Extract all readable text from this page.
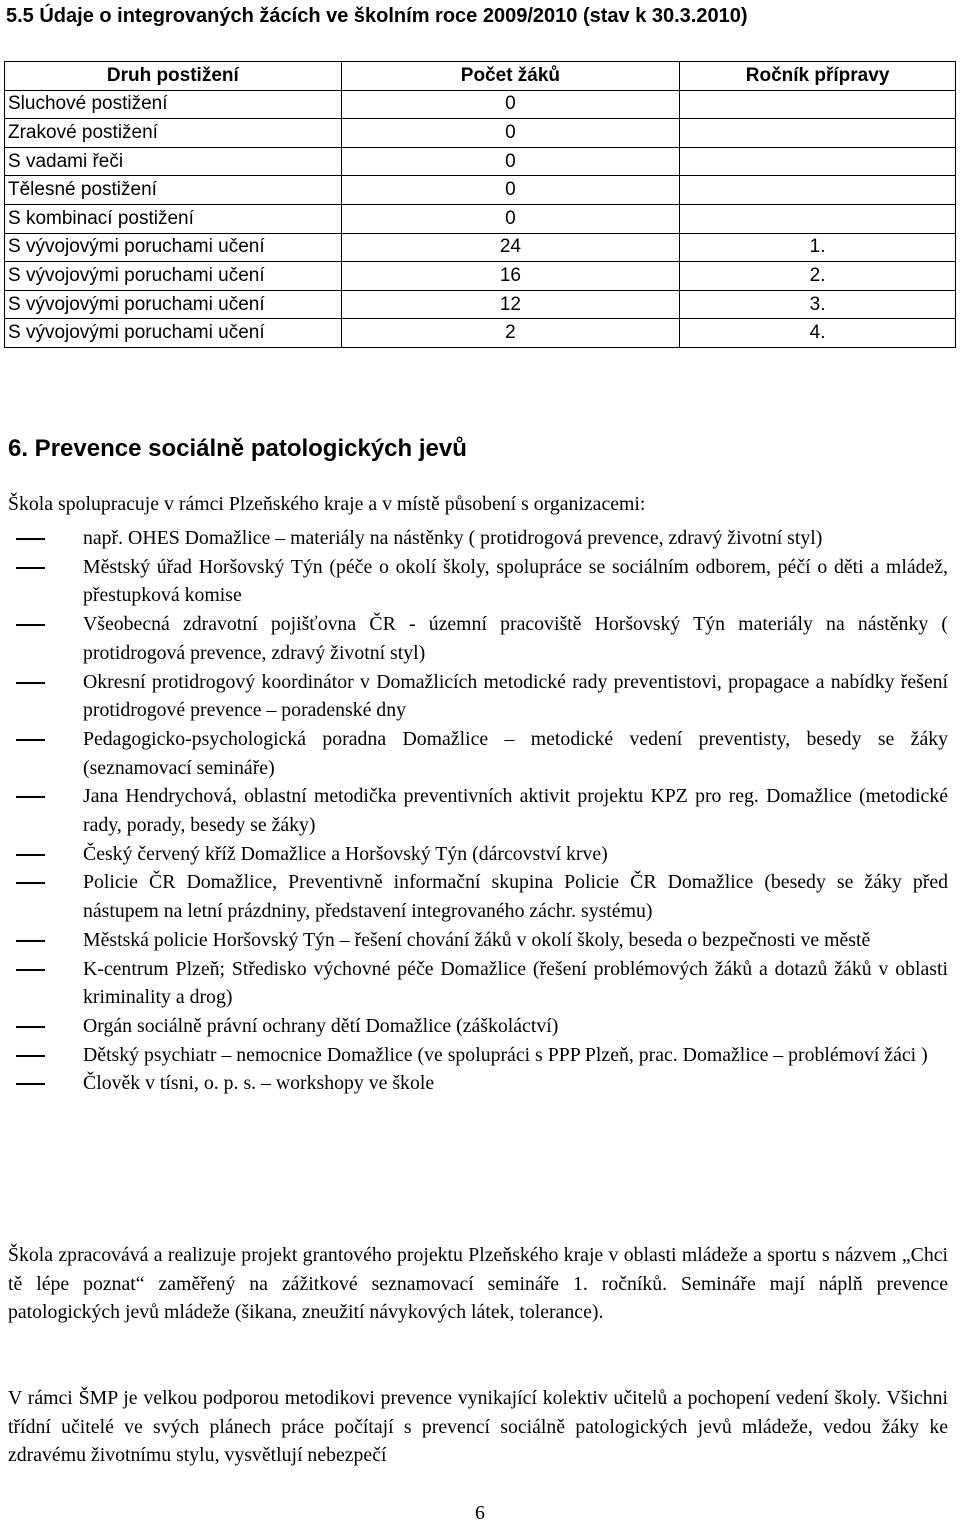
5.5 Údaje o integrovaných žácích ve školním roce 2009/2010 (stav k 30.3.2010)
Druh postižení	Počet žáků	Ročník přípravy
Sluchové postižení	0	
Zrakové postižení	0	
S vadami řeči	0	
Tělesné postižení	0	
S kombinací postižení	0	
S vývojovými poruchami učení	24	1.
S vývojovými poruchami učení	16	2.
S vývojovými poruchami učení	12	3.
S vývojovými poruchami učení	2	4.
6. Prevence sociálně patologických jevů
Škola spolupracuje v rámci Plzeňského kraje a v místě působení s organizacemi:
např. OHES Domažlice – materiály na nástěnky ( protidrogová prevence, zdravý životní styl)
Městský úřad Horšovský Týn (péče o okolí školy, spolupráce se sociálním odborem, péčí o děti a mládež, přestupková komise
Všeobecná zdravotní pojišťovna ČR - územní pracoviště Horšovský Týn materiály na nástěnky ( protidrogová prevence, zdravý životní styl)
Okresní protidrogový koordinátor v Domažlicích metodické rady preventistovi, propagace a nabídky řešení protidrogové prevence – poradenské dny
Pedagogicko-psychologická poradna Domažlice – metodické vedení preventisty, besedy se žáky (seznamovací semináře)
Jana Hendrychová, oblastní metodička preventivních aktivit projektu KPZ pro reg. Domažlice (metodické rady, porady, besedy se žáky)
Český červený kříž Domažlice a Horšovský Týn (dárcovství krve)
Policie ČR Domažlice, Preventivně informační skupina Policie ČR Domažlice (besedy se žáky před nástupem na letní prázdniny, představení integrovaného záchr. systému)
Městská policie Horšovský Týn – řešení chování žáků v okolí školy, beseda o bezpečnosti ve městě
K-centrum Plzeň; Středisko výchovné péče Domažlice (řešení problémových žáků a dotazů žáků v oblasti kriminality a drog)
Orgán sociálně právní ochrany dětí Domažlice (záškoláctví)
Dětský psychiatr – nemocnice Domažlice (ve spolupráci s PPP Plzeň, prac. Domažlice – problémoví žáci )
Člověk v tísni, o. p. s. – workshopy ve škole
Škola zpracovává a realizuje projekt grantového projektu Plzeňského kraje v oblasti mládeže a sportu s názvem „Chci tě lépe poznat“ zaměřený na zážitkové seznamovací semináře 1. ročníků. Semináře mají náplň prevence patologických jevů mládeže (šikana, zneužití návykových látek, tolerance).
V rámci ŠMP je velkou podporou metodikovi prevence vynikající kolektiv učitelů a pochopení vedení školy. Všichni třídní učitelé ve svých plánech práce počítají s prevencí sociálně patologických jevů mládeže, vedou žáky ke zdravému životnímu stylu, vysvětlují nebezpečí
6
